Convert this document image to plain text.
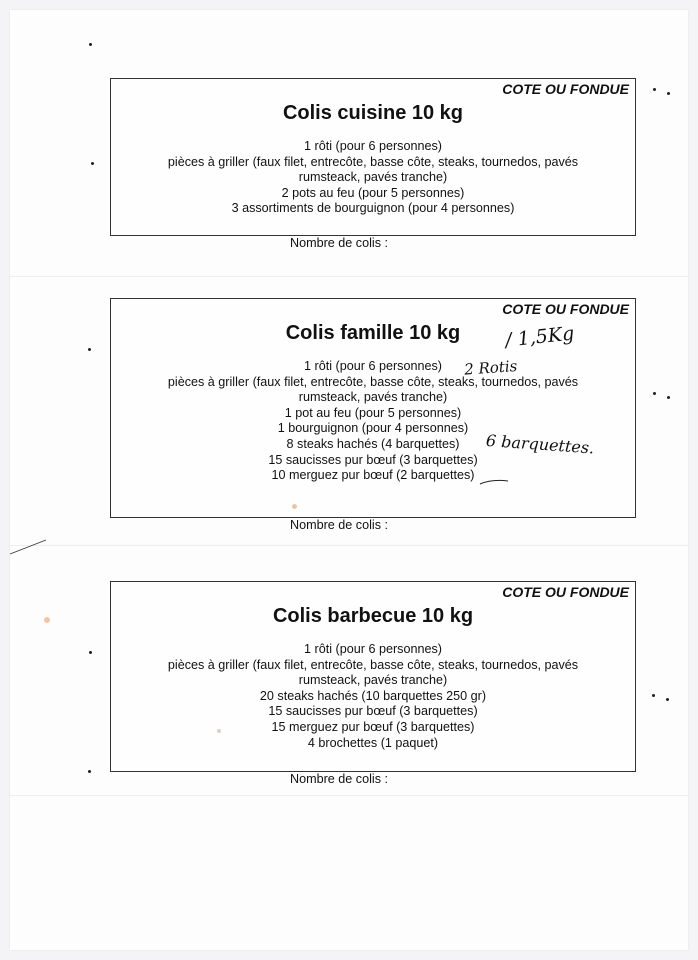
COTE OU FONDUE
Colis cuisine 10 kg
1 rôti (pour 6 personnes)
pièces à griller (faux filet, entrecôte, basse côte, steaks, tournedos, pavés
rumsteack, pavés tranche)
2 pots au feu (pour 5 personnes)
3 assortiments de bourguignon (pour 4 personnes)
Nombre de colis :
COTE OU FONDUE
Colis famille 10 kg
1 rôti (pour 6 personnes)
pièces à griller (faux filet, entrecôte, basse côte, steaks, tournedos, pavés
rumsteack, pavés tranche)
1 pot au feu (pour 5 personnes)
1 bourguignon (pour 4 personnes)
8 steaks hachés (4 barquettes)
15 saucisses pur bœuf (3 barquettes)
10 merguez pur bœuf (2 barquettes)
Nombre de colis :
/ 1,5Kg
2 Rotis
6 barquettes.
COTE OU FONDUE
Colis barbecue 10 kg
1 rôti (pour 6 personnes)
pièces à griller (faux filet, entrecôte, basse côte, steaks, tournedos, pavés
rumsteack, pavés tranche)
20 steaks hachés (10 barquettes 250 gr)
15 saucisses pur bœuf (3 barquettes)
15 merguez pur bœuf (3 barquettes)
4 brochettes (1 paquet)
Nombre de colis :
